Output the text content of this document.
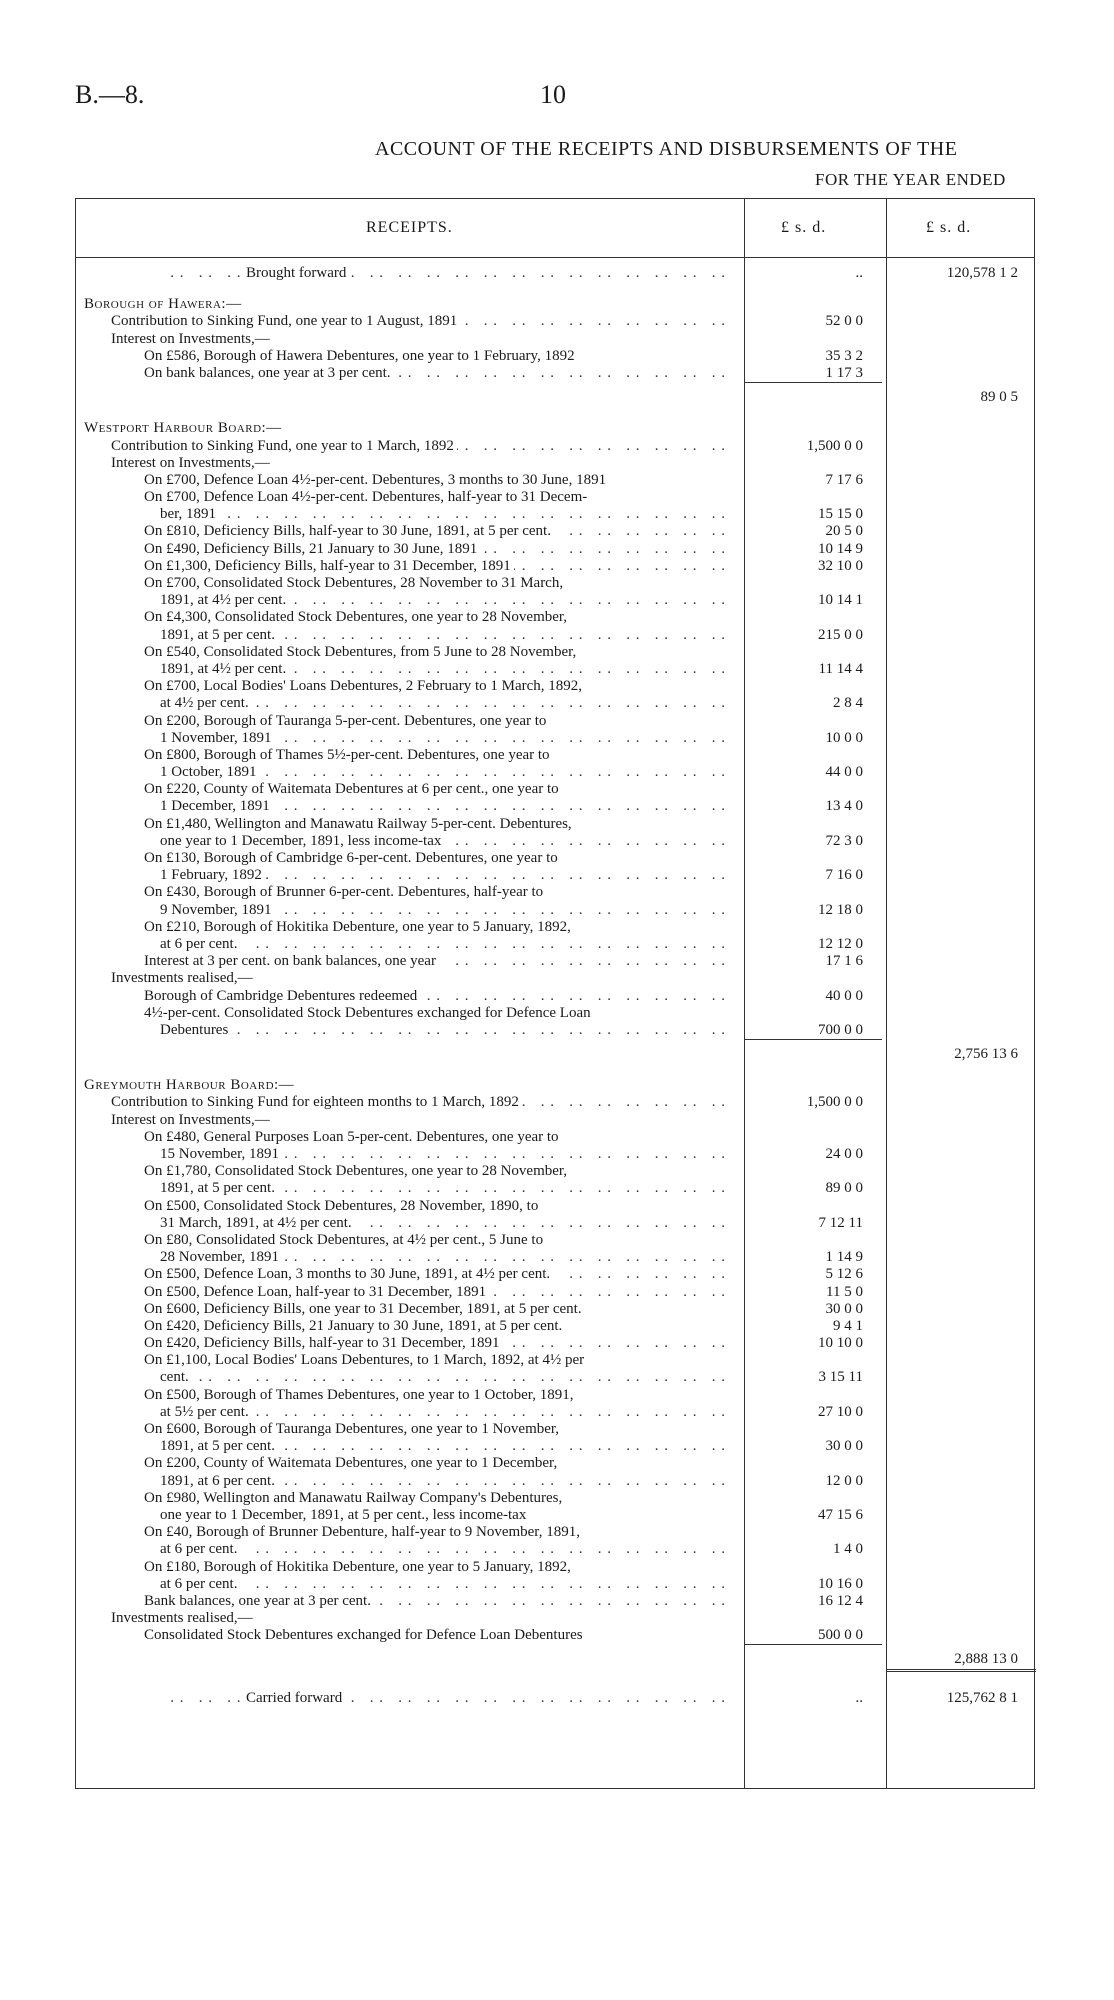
B.—8.	10
ACCOUNT OF THE RECEIPTS AND DISBURSEMENTS OF THE
FOR THE YEAR ENDED
RECEIPTS.	£ s. d.	£ s. d.
Brought forward . .	..	120,578 1 2
Borough of Hawera:—
Contribution to Sinking Fund, one year to 1 August, 1891 . .	52 0 0
Interest on Investments,—
On £586, Borough of Hawera Debentures, one year to 1 February, 1892	35 3 2
On bank balances, one year at 3 per cent. . .	1 17 3
89 0 5
Westport Harbour Board:—
Contribution to Sinking Fund, one year to 1 March, 1892 . .	1,500 0 0
Interest on Investments,—
On £700, Defence Loan 4½-per-cent. Debentures, 3 months to 30 June, 1891	7 17 6
On £700, Defence Loan 4½-per-cent. Debentures, half-year to 31 Decem-
ber, 1891 . .	15 15 0
On £810, Deficiency Bills, half-year to 30 June, 1891, at 5 per cent. . .	20 5 0
On £490, Deficiency Bills, 21 January to 30 June, 1891 . .	10 14 9
On £1,300, Deficiency Bills, half-year to 31 December, 1891 . .	32 10 0
On £700, Consolidated Stock Debentures, 28 November to 31 March,
1891, at 4½ per cent. . .	10 14 1
On £4,300, Consolidated Stock Debentures, one year to 28 November,
1891, at 5 per cent. . .	215 0 0
On £540, Consolidated Stock Debentures, from 5 June to 28 November,
1891, at 4½ per cent. . .	11 14 4
On £700, Local Bodies' Loans Debentures, 2 February to 1 March, 1892,
at 4½ per cent. . .	2 8 4
On £200, Borough of Tauranga 5-per-cent. Debentures, one year to
1 November, 1891 . .	10 0 0
On £800, Borough of Thames 5½-per-cent. Debentures, one year to
1 October, 1891 . .	44 0 0
On £220, County of Waitemata Debentures at 6 per cent., one year to
1 December, 1891 . .	13 4 0
On £1,480, Wellington and Manawatu Railway 5-per-cent. Debentures,
one year to 1 December, 1891, less income-tax . .	72 3 0
On £130, Borough of Cambridge 6-per-cent. Debentures, one year to
1 February, 1892 . .	7 16 0
On £430, Borough of Brunner 6-per-cent. Debentures, half-year to
9 November, 1891 . .	12 18 0
On £210, Borough of Hokitika Debenture, one year to 5 January, 1892,
at 6 per cent. . .	12 12 0
Interest at 3 per cent. on bank balances, one year . .	17 1 6
Investments realised,—
Borough of Cambridge Debentures redeemed . .	40 0 0
4½-per-cent. Consolidated Stock Debentures exchanged for Defence Loan
Debentures . .	700 0 0
2,756 13 6
Greymouth Harbour Board:—
Contribution to Sinking Fund for eighteen months to 1 March, 1892 . .	1,500 0 0
Interest on Investments,—
On £480, General Purposes Loan 5-per-cent. Debentures, one year to
15 November, 1891 . .	24 0 0
On £1,780, Consolidated Stock Debentures, one year to 28 November,
1891, at 5 per cent. . .	89 0 0
On £500, Consolidated Stock Debentures, 28 November, 1890, to
31 March, 1891, at 4½ per cent. . .	7 12 11
On £80, Consolidated Stock Debentures, at 4½ per cent., 5 June to
28 November, 1891 . .	1 14 9
On £500, Defence Loan, 3 months to 30 June, 1891, at 4½ per cent. . .	5 12 6
On £500, Defence Loan, half-year to 31 December, 1891 . .	11 5 0
On £600, Deficiency Bills, one year to 31 December, 1891, at 5 per cent.	30 0 0
On £420, Deficiency Bills, 21 January to 30 June, 1891, at 5 per cent.	9 4 1
On £420, Deficiency Bills, half-year to 31 December, 1891 . .	10 10 0
On £1,100, Local Bodies' Loans Debentures, to 1 March, 1892, at 4½ per
cent. . .	3 15 11
On £500, Borough of Thames Debentures, one year to 1 October, 1891,
at 5½ per cent. . .	27 10 0
On £600, Borough of Tauranga Debentures, one year to 1 November,
1891, at 5 per cent. . .	30 0 0
On £200, County of Waitemata Debentures, one year to 1 December,
1891, at 6 per cent. . .	12 0 0
On £980, Wellington and Manawatu Railway Company's Debentures,
one year to 1 December, 1891, at 5 per cent., less income-tax	47 15 6
On £40, Borough of Brunner Debenture, half-year to 9 November, 1891,
at 6 per cent. . .	1 4 0
On £180, Borough of Hokitika Debenture, one year to 5 January, 1892,
at 6 per cent. . .	10 16 0
Bank balances, one year at 3 per cent. . .	16 12 4
Investments realised,—
Consolidated Stock Debentures exchanged for Defence Loan Debentures	500 0 0
2,888 13 0
Carried forward . .	..	125,762 8 1
